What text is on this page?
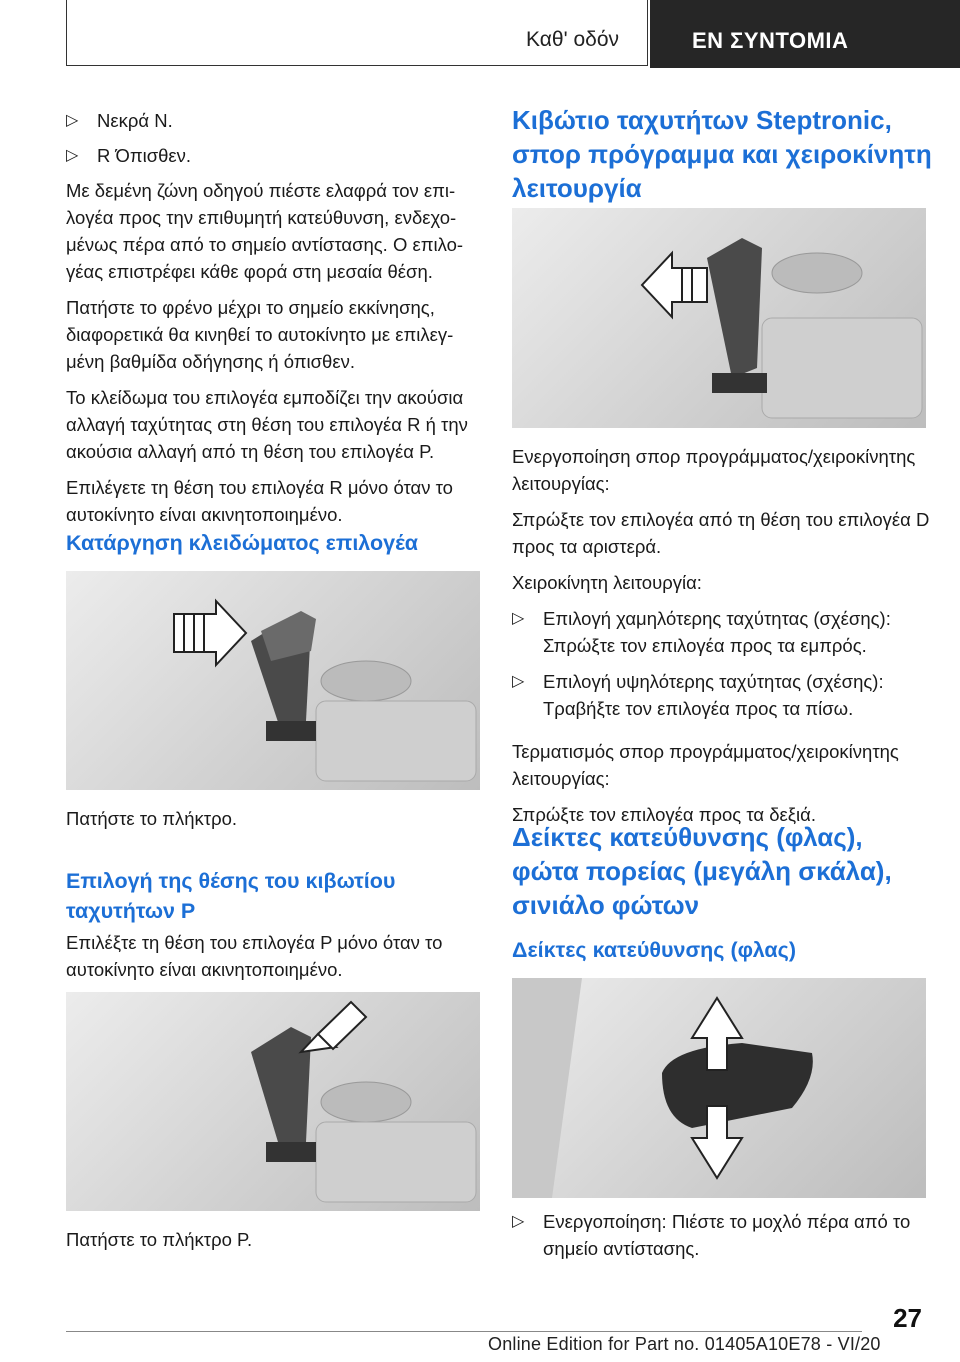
Καθ' οδόν	ΕΝ ΣΥΝΤΟΜΙΑ
▷ Νεκρά N.
▷ R Όπισθεν.

Με δεμένη ζώνη οδηγού πιέστε ελαφρά τον επι-λογέα προς την επιθυμητή κατεύθυνση, ενδεχο-μένως πέρα από το σημείο αντίστασης. Ο επιλο-γέας επιστρέφει κάθε φορά στη μεσαία θέση.

Πατήστε το φρένο μέχρι το σημείο εκκίνησης, διαφορετικά θα κινηθεί το αυτοκίνητο με επιλεγ-μένη βαθμίδα οδήγησης ή όπισθεν.

Το κλείδωμα του επιλογέα εμποδίζει την ακούσια αλλαγή ταχύτητας στη θέση του επιλογέα R ή την ακούσια αλλαγή από τη θέση του επιλογέα P.

Επιλέγετε τη θέση του επιλογέα R μόνο όταν το αυτοκίνητο είναι ακινητοποιημένο.

Κατάργηση κλειδώματος επιλογέα

Πατήστε το πλήκτρο.

Επιλογή της θέσης του κιβωτίου ταχυτήτων P

Επιλέξτε τη θέση του επιλογέα P μόνο όταν το αυτοκίνητο είναι ακινητοποιημένο.

Πατήστε το πλήκτρο P.

Κιβώτιο ταχυτήτων Steptronic, σπορ πρόγραμμα και χειροκίνητη λειτουργία

Ενεργοποίηση σπορ προγράμματος/χειροκίνητης λειτουργίας:

Σπρώξτε τον επιλογέα από τη θέση του επιλογέα D προς τα αριστερά.

Χειροκίνητη λειτουργία:

▷ Επιλογή χαμηλότερης ταχύτητας (σχέσης): Σπρώξτε τον επιλογέα προς τα εμπρός.
▷ Επιλογή υψηλότερης ταχύτητας (σχέσης): Τραβήξτε τον επιλογέα προς τα πίσω.

Τερματισμός σπορ προγράμματος/χειροκίνητης λειτουργίας:

Σπρώξτε τον επιλογέα προς τα δεξιά.

Δείκτες κατεύθυνσης (φλας), φώτα πορείας (μεγάλη σκάλα), σινιάλο φώτων
Δείκτες κατεύθυνσης (φλας)
▷ Ενεργοποίηση: Πιέστε το μοχλό πέρα από το σημείο αντίστασης.
27
Online Edition for Part no. 01405A10E78 - VI/20
